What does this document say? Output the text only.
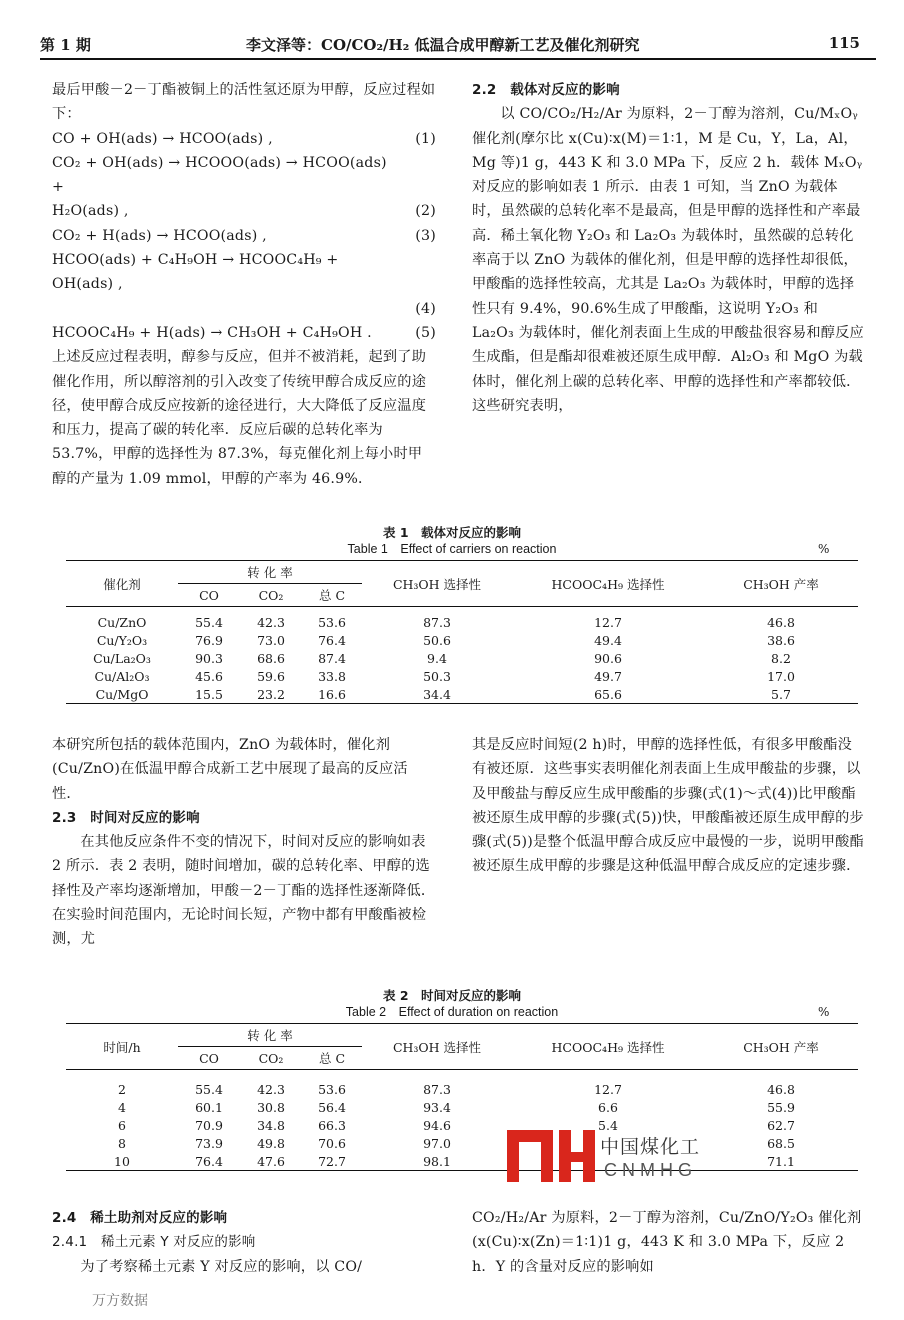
第 1 期	李文泽等：CO/CO₂/H₂ 低温合成甲醇新工艺及催化剂研究	115

最后甲酸－2－丁酯被铜上的活性氢还原为甲醇，反应过程如下：

CO + OH(ads) → HCOO(ads) ,	(1)
CO₂ + OH(ads) → HCOOO(ads) → HCOO(ads) +
H₂O(ads) ,	(2)
CO₂ + H(ads) → HCOO(ads) ,	(3)
HCOO(ads) + C₄H₉OH → HCOOC₄H₉ + OH(ads) ,
(4)
HCOOC₄H₉ + H(ads) → CH₃OH + C₄H₉OH .	(5)

上述反应过程表明，醇参与反应，但并不被消耗，起到了助催化作用，所以醇溶剂的引入改变了传统甲醇合成反应的途径，使甲醇合成反应按新的途径进行，大大降低了反应温度和压力，提高了碳的转化率．反应后碳的总转化率为 53.7%，甲醇的选择性为 87.3%，每克催化剂上每小时甲醇的产量为 1.09 mmol，甲醇的产率为 46.9%．

2.2　载体对反应的影响

以 CO/CO₂/H₂/Ar 为原料，2－丁醇为溶剂，Cu/MₓOᵧ 催化剂(摩尔比 x(Cu)∶x(M)＝1∶1，M 是 Cu，Y，La，Al，Mg 等)1 g，443 K 和 3.0 MPa 下，反应 2 h．载体 MₓOᵧ 对反应的影响如表 1 所示．由表 1 可知，当 ZnO 为载体时，虽然碳的总转化率不是最高，但是甲醇的选择性和产率最高．稀土氧化物 Y₂O₃ 和 La₂O₃ 为载体时，虽然碳的总转化率高于以 ZnO 为载体的催化剂，但是甲醇的选择性却很低，甲酸酯的选择性较高，尤其是 La₂O₃ 为载体时，甲醇的选择性只有 9.4%，90.6%生成了甲酸酯，这说明 Y₂O₃ 和 La₂O₃ 为载体时，催化剂表面上生成的甲酸盐很容易和醇反应生成酯，但是酯却很难被还原生成甲醇．Al₂O₃ 和 MgO 为载体时，催化剂上碳的总转化率、甲醇的选择性和产率都较低．这些研究表明，

表 1　载体对反应的影响
Table 1　Effect of carriers on reaction	%
催化剂	转 化 率			CH₃OH 选择性	HCOOC₄H₉ 选择性	CH₃OH 产率
	CO	CO₂	总 C			

Cu/ZnO	55.4	42.3	53.6	87.3	12.7	46.8
Cu/Y₂O₃	76.9	73.0	76.4	50.6	49.4	38.6
Cu/La₂O₃	90.3	68.6	87.4	9.4	90.6	8.2
Cu/Al₂O₃	45.6	59.6	33.8	50.3	49.7	17.0
Cu/MgO	15.5	23.2	16.6	34.4	65.6	5.7

本研究所包括的载体范围内，ZnO 为载体时，催化剂(Cu/ZnO)在低温甲醇合成新工艺中展现了最高的反应活性．

2.3　时间对反应的影响

在其他反应条件不变的情况下，时间对反应的影响如表 2 所示．表 2 表明，随时间增加，碳的总转化率、甲醇的选择性及产率均逐渐增加，甲酸－2－丁酯的选择性逐渐降低．在实验时间范围内，无论时间长短，产物中都有甲酸酯被检测，尤

其是反应时间短(2 h)时，甲醇的选择性低，有很多甲酸酯没有被还原．这些事实表明催化剂表面上生成甲酸盐的步骤，以及甲酸盐与醇反应生成甲酸酯的步骤(式(1)～式(4))比甲酸酯被还原生成甲醇的步骤(式(5))快，甲酸酯被还原生成甲醇的步骤(式(5))是整个低温甲醇合成反应中最慢的一步，说明甲酸酯被还原生成甲醇的步骤是这种低温甲醇合成反应的定速步骤．

表 2　时间对反应的影响
Table 2　Effect of duration on reaction	%
时间/h	转 化 率			CH₃OH 选择性	HCOOC₄H₉ 选择性	CH₃OH 产率
	CO	CO₂	总 C			

2	55.4	42.3	53.6	87.3	12.7	46.8
4	60.1	30.8	56.4	93.4	6.6	55.9
6	70.9	34.8	66.3	94.6	5.4	62.7
8	73.9	49.8	70.6	97.0		68.5
10	76.4	47.6	72.7	98.1		71.1
中国煤化工
CNMHG

2.4　稀土助剂对反应的影响

2.4.1　稀土元素 Y 对反应的影响

为了考察稀土元素 Y 对反应的影响，以 CO/

万方数据

CO₂/H₂/Ar 为原料，2－丁醇为溶剂，Cu/ZnO/Y₂O₃ 催化剂(x(Cu)∶x(Zn)＝1∶1)1 g，443 K 和 3.0 MPa 下，反应 2 h．Y 的含量对反应的影响如
